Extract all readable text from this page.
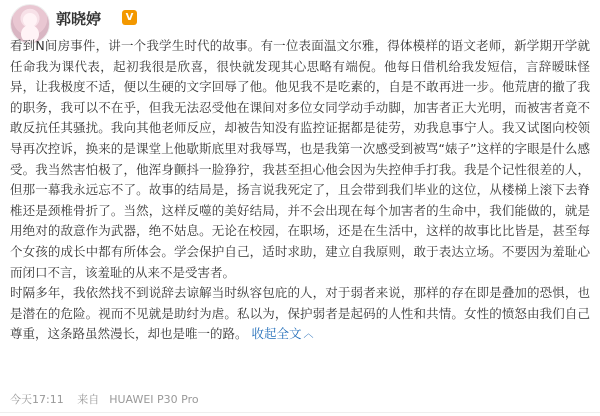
郭晓婷	V

看到N间房事件，讲一个我学生时代的故事。有一位表面温文尔雅，得体模样的语文老师，新学期开学就任命我为课代表，起初我很是欣喜，很快就发现其心思略有端倪。他每日借机给我发短信，言辞暧昧怪异，让我极度不适，便以生硬的文字回辱了他。他见我不是吃素的，自是不敢再进一步。他荒唐的撤了我的职务，我可以不在乎，但我无法忍受他在课间对多位女同学动手动脚，加害者正大光明，而被害者竟不敢反抗任其骚扰。我向其他老师反应，却被告知没有监控证据都是徒劳，劝我息事宁人。我又试图向校领导再次控诉，换来的是课堂上他歇斯底里对我辱骂，也是我第一次感受到被骂“婊子”这样的字眼是什么感受。我当然害怕极了，他浑身颤抖一脸狰狞，我甚至担心他会因为失控伸手打我。我是个记性很差的人，但那一幕我永远忘不了。故事的结局是，扬言说我死定了，且会带到我们毕业的这位，从楼梯上滚下去脊椎还是颈椎骨折了。当然，这样反噬的美好结局，并不会出现在每个加害者的生命中，我们能做的，就是用绝对的敌意作为武器，绝不姑息。无论在校园，在职场，还是在生活中，这样的故事比比皆是，甚至每个女孩的成长中都有所体会。学会保护自己，适时求助，建立自我原则，敢于表达立场。不要因为羞耻心而闭口不言，该羞耻的从来不是受害者。

时隔多年，我依然找不到说辞去谅解当时纵容包庇的人，对于弱者来说，那样的存在即是叠加的恐惧，也是潜在的危险。视而不见就是助纣为虐。私以为，保护弱者是起码的人性和共情。女性的愤怒由我们自己尊重，这条路虽然漫长，却也是唯一的路。 收起全文 ︿

今天17:11 来自 HUAWEI P30 Pro
